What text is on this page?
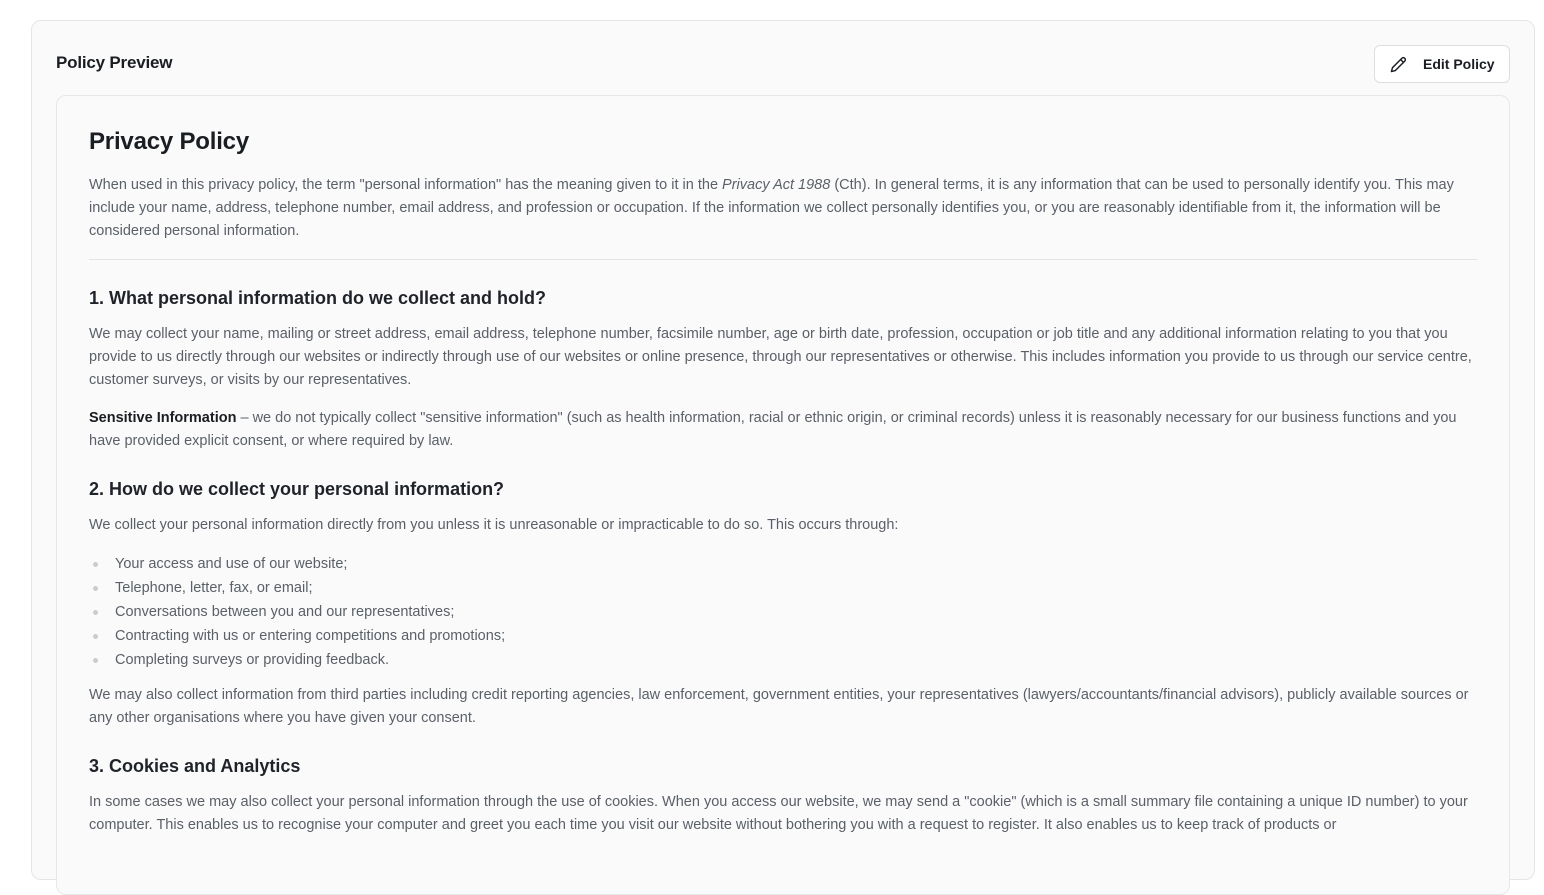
Policy Preview	Edit Policy
Privacy Policy

When used in this privacy policy, the term "personal information" has the meaning given to it in the Privacy Act 1988 (Cth). In general terms, it is any information that can be used to personally identify you. This may include your name, address, telephone number, email address, and profession or occupation. If the information we collect personally identifies you, or you are reasonably identifiable from it, the information will be considered personal information.

1. What personal information do we collect and hold?

We may collect your name, mailing or street address, email address, telephone number, facsimile number, age or birth date, profession, occupation or job title and any additional information relating to you that you provide to us directly through our websites or indirectly through use of our websites or online presence, through our representatives or otherwise. This includes information you provide to us through our service centre, customer surveys, or visits by our representatives.

Sensitive Information – we do not typically collect "sensitive information" (such as health information, racial or ethnic origin, or criminal records) unless it is reasonably necessary for our business functions and you have provided explicit consent, or where required by law.

2. How do we collect your personal information?

We collect your personal information directly from you unless it is unreasonable or impracticable to do so. This occurs through:

Your access and use of our website;
Telephone, letter, fax, or email;
Conversations between you and our representatives;
Contracting with us or entering competitions and promotions;
Completing surveys or providing feedback.

We may also collect information from third parties including credit reporting agencies, law enforcement, government entities, your representatives (lawyers/accountants/financial advisors), publicly available sources or any other organisations where you have given your consent.

3. Cookies and Analytics

In some cases we may also collect your personal information through the use of cookies. When you access our website, we may send a "cookie" (which is a small summary file containing a unique ID number) to your computer. This enables us to recognise your computer and greet you each time you visit our website without bothering you with a request to register. It also enables us to keep track of products or
